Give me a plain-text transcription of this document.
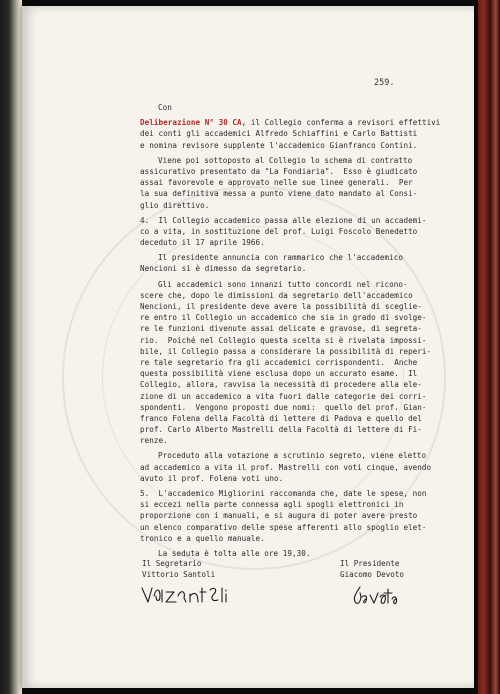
259.
Con
Deliberazione N° 30 CA, il Collegio conferma a revisori effettivi
dei conti gli accademici Alfredo Schiaffini e Carlo Battisti
e nomina revisore supplente l'accademico Gianfranco Contini.
Viene poi sottoposto al Collegio lo schema di contratto
assicurativo presentato da "La Fondiaria".  Esso è giudicato
assai favorevole e approvato nelle sue linee generali.  Per
la sua definitiva messa a punto viene dato mandato al Consi-
glio direttivo.
4.  Il Collegio accademico passa alle elezione di un accademi-
co a vita, in sostituzione del prof. Luigi Foscolo Benedetto
deceduto il 17 aprile 1966.
Il presidente annuncia con rammarico che l'accademico
Nencioni si è dimesso da segretario.
Gli accademici sono innanzi tutto concordi nel ricono-
scere che, dopo le dimissioni da segretario dell'accademico
Nencioni, il presidente deve avere la possibilità di sceglie-
re entro il Collegio un accademico che sia in grado di svolge-
re le funzioni divenute assai delicate e gravose, di segreta-
rio.  Poiché nel Collegio questa scelta si è rivelata impossi-
bile, il Collegio passa a considerare la possibilità di reperi-
re tale segretario fra gli accademici corrispondenti.  Anche
questa possibilità viene esclusa dopo un accurato esame.  Il
Collegio, allora, ravvisa la necessità di procedere alla ele-
zione di un accademico a vita fuori dalle categorie dei corri-
spondenti.  Vengono proposti due nomi:  quello del prof. Gian-
franco Folena della Facoltà di lettere di Padova e quello del
prof. Carlo Alberto Mastrelli della Facoltà di lettere di Fi-
renze.
Proceduto alla votazione a scrutinio segreto, viene eletto
ad accademico a vita il prof. Mastrelli con voti cinque, avendo
avuto il prof. Folena voti uno.
5.  L'accademico Migliorini raccomanda che, date le spese, non
si eccezi nella parte connessa agli spogli elettronici in
proporzione con i manuali, e si augura di poter avere presto
un elenco comparativo delle spese afferenti allo spoglio elet-
tronico e a quello manuale.
La seduta è tolta alle ore 19,30.
Il Segretario
Vittorio Santoli
Il Presidente
Giacomo Devoto
